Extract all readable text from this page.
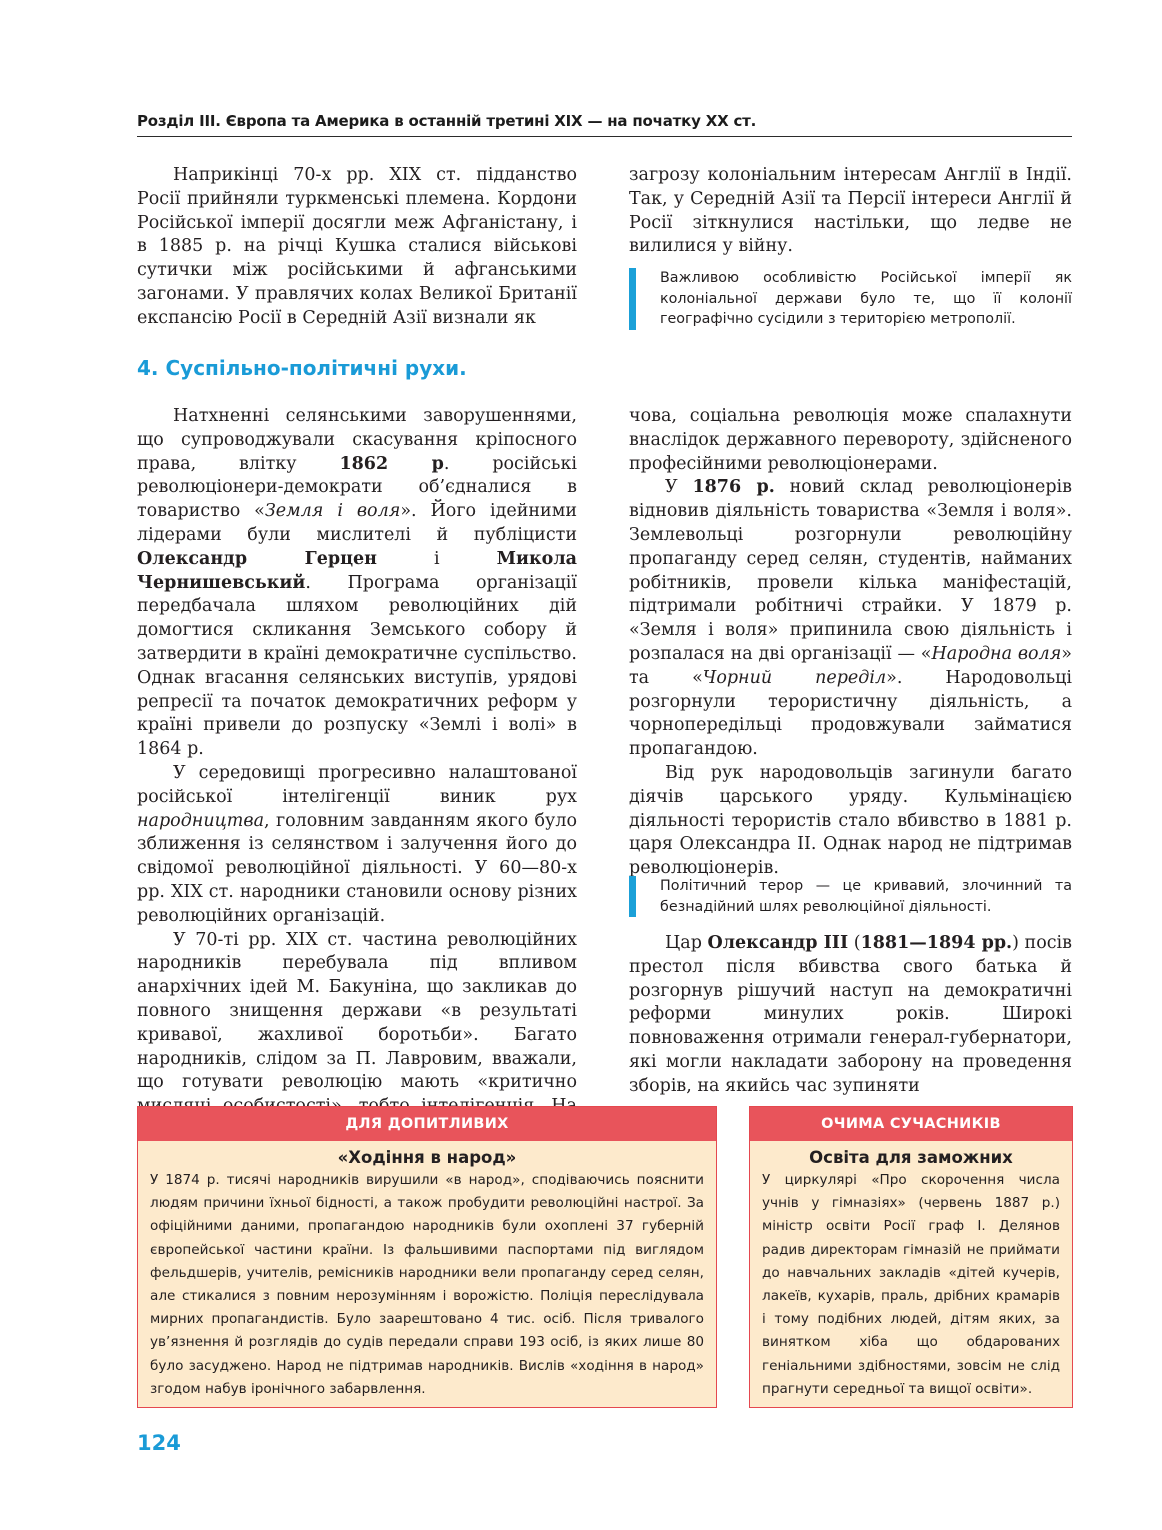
Розділ ІІІ. Європа та Америка в останній третині ХІХ — на початку ХХ ст.

Наприкінці 70-х рр. ХІХ ст. підданство Росії прийняли туркменські племена. Кордони Російської імперії досягли меж Афганістану, і в 1885 р. на річці Кушка сталися військові сутички між російськими й афганськими загонами. У правлячих колах Великої Британії експансію Росії в Середній Азії визнали як

загрозу колоніальним інтересам Англії в Індії. Так, у Середній Азії та Персії інтереси Англії й Росії зіткнулися настільки, що ледве не вилилися у війну.

Важливою особливістю Російської імперії як колоніальної держави було те, що її колонії географічно сусідили з територією метрополії.
4. Суспільно-політичні рухи.

Натхненні селянськими заворушеннями, що супроводжували скасування кріпосного права, влітку 1862 р. російські революціонери-демократи об’єдналися в товариство «Земля і воля». Його ідейними лідерами були мислителі й публіцисти Олександр Герцен і Микола Чернишевський. Програма організації передбачала шляхом революційних дій домогтися скликання Земського собору й затвердити в країні демократичне суспільство. Однак вгасання селянських виступів, урядові репресії та початок демократичних реформ у країні привели до розпуску «Землі і волі» в 1864 р.

У середовищі прогресивно налаштованої російської інтелігенції виник рух народництва, головним завданням якого було зближення із селянством і залучення його до свідомої революційної діяльності. У 60—80-х рр. ХІХ ст. народники становили основу різних революційних організацій.

У 70-ті рр. ХІХ ст. частина революційних народників перебувала під впливом анархічних ідей М. Бакуніна, що закликав до повного знищення держави «в результаті кривавої, жахливої боротьби». Багато народників, слідом за П. Лавровим, вважали, що готувати революцію мають «критично

чова, соціальна революція може спалахнути внаслідок державного перевороту, здійсненого професійними революціонерами.

У 1876 р. новий склад революціонерів відновив діяльність товариства «Земля і воля». Землевольці розгорнули революційну пропаганду серед селян, студентів, найманих робітників, провели кілька маніфестацій, підтримали робітничі страйки. У 1879 р. «Земля і воля» припинила свою діяльність і розпалася на дві організації — «Народна воля» та «Чорний переділ». Народовольці розгорнули терористичну діяльність, а чорнопередільці продовжували займатися пропагандою.

Від рук народовольців загинули багато діячів царського уряду. Кульмінацією діяльності терористів стало вбивство в 1881 р. царя Олександра ІІ. Однак народ не підтримав революціонерів.

Політичний терор — це кривавий, злочинний та безнадійний шлях революційної діяльності.

Цар Олександр ІІІ (1881—1894 рр.) посів престол після вбивства свого батька й розгорнув рішучий наступ на демократичні реформи минулих років. Широкі повноваження отримали генерал-губернатори, які могли накладати заборону на проведення зборів, на якийсь час зупиняти

ДЛЯ ДОПИТЛИВИХ
«Ходіння в народ»
У 1874 р. тисячі народників вирушили «в народ», сподіваючись пояснити людям причини їхньої бідності, а також пробудити революційні настрої. За офіційними даними, пропагандою народників були охоплені 37 губерній європейської частини країни. Із фальшивими паспортами під виглядом фельдшерів, учителів, ремісників народники вели пропаганду серед селян, але стикалися з повним нерозумінням і ворожістю. Поліція переслідувала мирних пропагандистів. Було заарештовано 4 тис. осіб. Після тривалого ув’язнення й розглядів до судів передали справи 193 осіб, із яких лише 80 було засуджено. Народ не підтримав народників. Вислів «ходіння в народ» згодом набув іронічного забарвлення.
ОЧИМА СУЧАСНИКІВ
Освіта для заможних
У циркулярі «Про скорочення числа учнів у гімназіях» (червень 1887 р.) міністр освіти Росії граф І. Делянов радив директорам гімназій не приймати до навчальних закладів «дітей кучерів, лакеїв, кухарів, праль, дрібних крамарів і тому подібних людей, дітям яких, за винятком хіба що обдарованих геніальними здібностями, зовсім не слід прагнути середньої та вищої освіти».
124
